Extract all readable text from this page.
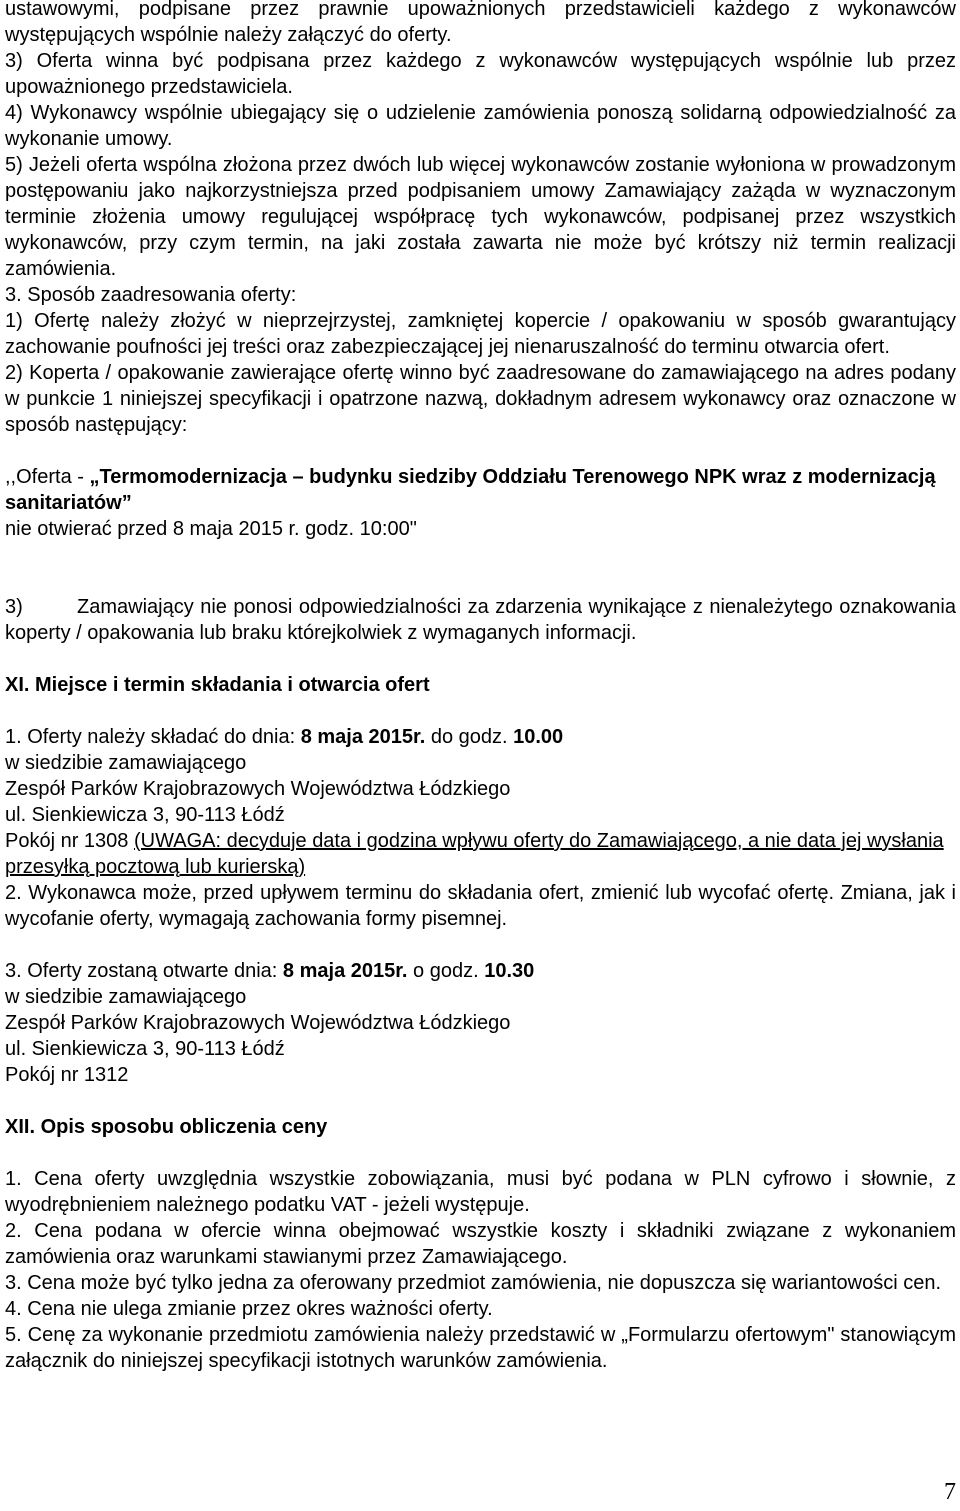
ustawowymi, podpisane przez prawnie upoważnionych przedstawicieli każdego z wykonawców występujących wspólnie należy załączyć do oferty.

3) Oferta winna być podpisana przez każdego z wykonawców występujących wspólnie lub przez upoważnionego przedstawiciela.

4) Wykonawcy wspólnie ubiegający się o udzielenie zamówienia ponoszą solidarną odpowiedzialność za wykonanie umowy.

5) Jeżeli oferta wspólna złożona przez dwóch lub więcej wykonawców zostanie wyłoniona w prowadzonym postępowaniu jako najkorzystniejsza przed podpisaniem umowy Zamawiający zażąda w wyznaczonym terminie złożenia umowy regulującej współpracę tych wykonawców, podpisanej przez wszystkich wykonawców, przy czym termin, na jaki została zawarta nie może być krótszy niż termin realizacji zamówienia.

3. Sposób zaadresowania oferty:

1) Ofertę należy złożyć w nieprzejrzystej, zamkniętej kopercie / opakowaniu w sposób gwarantujący zachowanie poufności jej treści oraz zabezpieczającej jej nienaruszalność do terminu otwarcia ofert.

2) Koperta / opakowanie zawierające ofertę winno być zaadresowane do zamawiającego na adres podany w punkcie 1 niniejszej specyfikacji i opatrzone nazwą, dokładnym adresem wykonawcy oraz oznaczone w sposób następujący:

,,Oferta - „Termomodernizacja – budynku siedziby Oddziału Terenowego NPK wraz z modernizacją sanitariatów”

nie otwierać przed 8 maja 2015 r. godz. 10:00"

3)	Zamawiający nie ponosi odpowiedzialności za zdarzenia wynikające z nienależytego oznakowania koperty / opakowania lub braku którejkolwiek z wymaganych informacji.

XI. Miejsce i termin składania i otwarcia ofert

1. Oferty należy składać do dnia: 8 maja 2015r. do godz. 10.00

w siedzibie zamawiającego

Zespół Parków Krajobrazowych Województwa Łódzkiego

ul. Sienkiewicza 3, 90-113 Łódź

Pokój nr 1308 (UWAGA: decyduje data i godzina wpływu oferty do Zamawiającego, a nie data jej wysłania przesyłką pocztową lub kurierską)

2. Wykonawca może, przed upływem terminu do składania ofert, zmienić lub wycofać ofertę. Zmiana, jak i wycofanie oferty, wymagają zachowania formy pisemnej.

3. Oferty zostaną otwarte dnia: 8 maja 2015r. o godz. 10.30

w siedzibie zamawiającego

Zespół Parków Krajobrazowych Województwa Łódzkiego

ul. Sienkiewicza 3, 90-113 Łódź

Pokój nr 1312

XII. Opis sposobu obliczenia ceny

1. Cena oferty uwzględnia wszystkie zobowiązania, musi być podana w PLN cyfrowo i słownie, z wyodrębnieniem należnego podatku VAT - jeżeli występuje.

2. Cena podana w ofercie winna obejmować wszystkie koszty i składniki związane z wykonaniem zamówienia oraz warunkami stawianymi przez Zamawiającego.

3. Cena może być tylko jedna za oferowany przedmiot zamówienia, nie dopuszcza się wariantowości cen.

4. Cena nie ulega zmianie przez okres ważności oferty.

5. Cenę za wykonanie przedmiotu zamówienia należy przedstawić w „Formularzu ofertowym" stanowiącym załącznik do niniejszej specyfikacji istotnych warunków zamówienia.

7
